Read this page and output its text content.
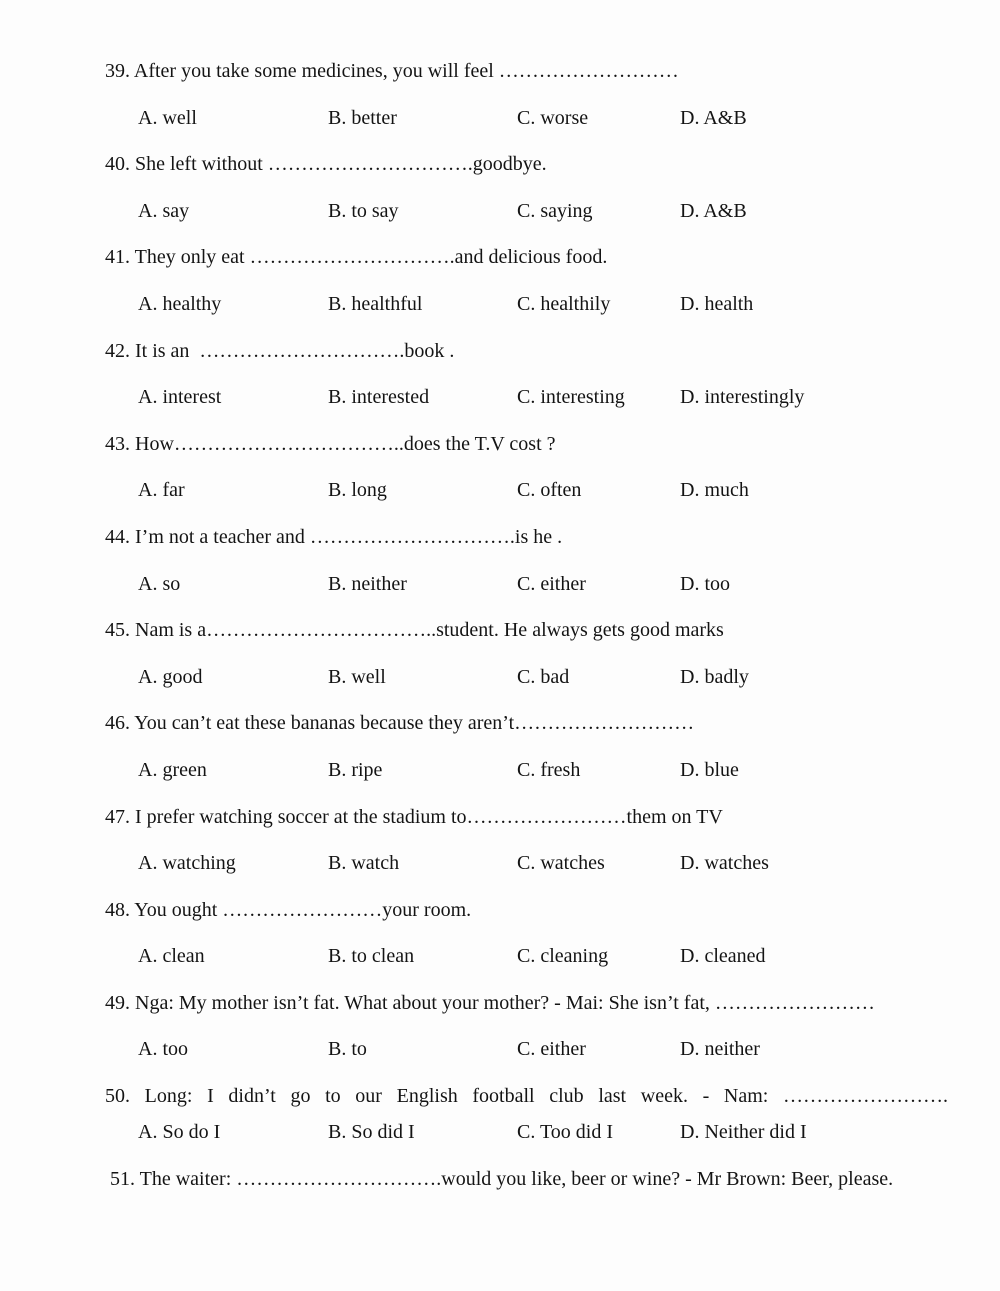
39. After you take some medicines, you will feel ………………………
A. well	B. better	C. worse	D. A&B
40. She left without ………………………….goodbye.
A. say	B. to say	C. saying	D. A&B
41. They only eat ………………………….and delicious food.
A. healthy	B. healthful	C. healthily	D. health
42. It is an  ………………………….book .
A. interest	B. interested	C. interesting	D. interestingly
43. How……………………………..does the T.V cost ?
A. far	B. long	C. often	D. much
44. I’m not a teacher and ………………………….is he .
A. so	B. neither	C. either	D. too
45. Nam is a……………………………..student. He always gets good marks
A. good	B. well	C. bad	D. badly
46. You can’t eat these bananas because they aren’t………………………
A. green	B. ripe	C. fresh	D. blue
47. I prefer watching soccer at the stadium to……………………them on TV
A. watching	B. watch	C. watches	D. watches
48. You ought ……………………your room.
A. clean	B. to clean	C. cleaning	D. cleaned
49. Nga: My mother isn’t fat. What about your mother? - Mai: She isn’t fat, ……………………
A. too	B. to	C. either	D. neither
50. Long: I didn’t go to our English football club last week. - Nam: …………………….
A. So do I	B. So did I	C. Too did I	D. Neither did I
51. The waiter: ………………………….would you like, beer or wine? - Mr Brown: Beer, please.
